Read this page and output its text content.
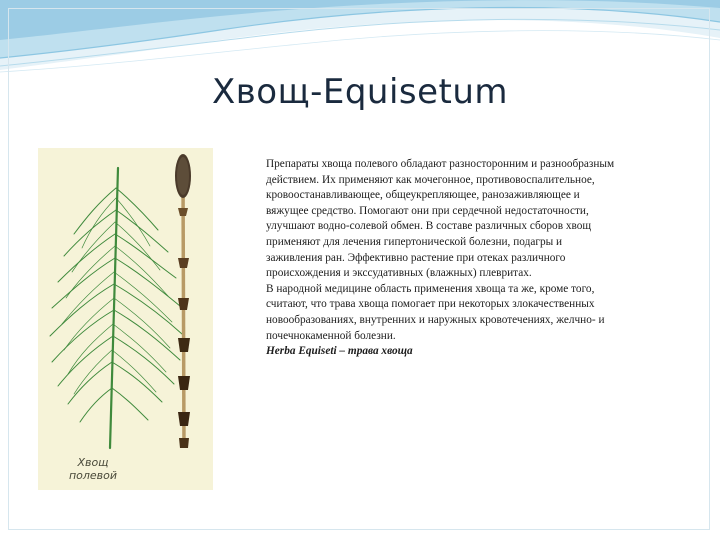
Хвощ-Equisetum
Хвощ
полевой

Препараты хвоща полевого обладают разносторонним и разнообразным действием. Их применяют как мочегонное, противовоспалительное, кровоостанавливающее, общеукрепляющее, ранозаживляющее и вяжущее средство. Помогают они при сердечной недостаточности, улучшают водно-солевой обмен. В составе различных сборов хвощ применяют для лечения гипертонической болезни, подагры и заживления ран. Эффективно растение при отеках различного происхождения и экссудативных (влажных) плевритах.

В народной медицине область применения хвоща та же, кроме того, считают, что трава хвоща помогает при некоторых злокачественных новообразованиях, внутренних и наружных кровотечениях, желчно- и почечнокаменной болезни.

Herba Equiseti – трава хвоща
